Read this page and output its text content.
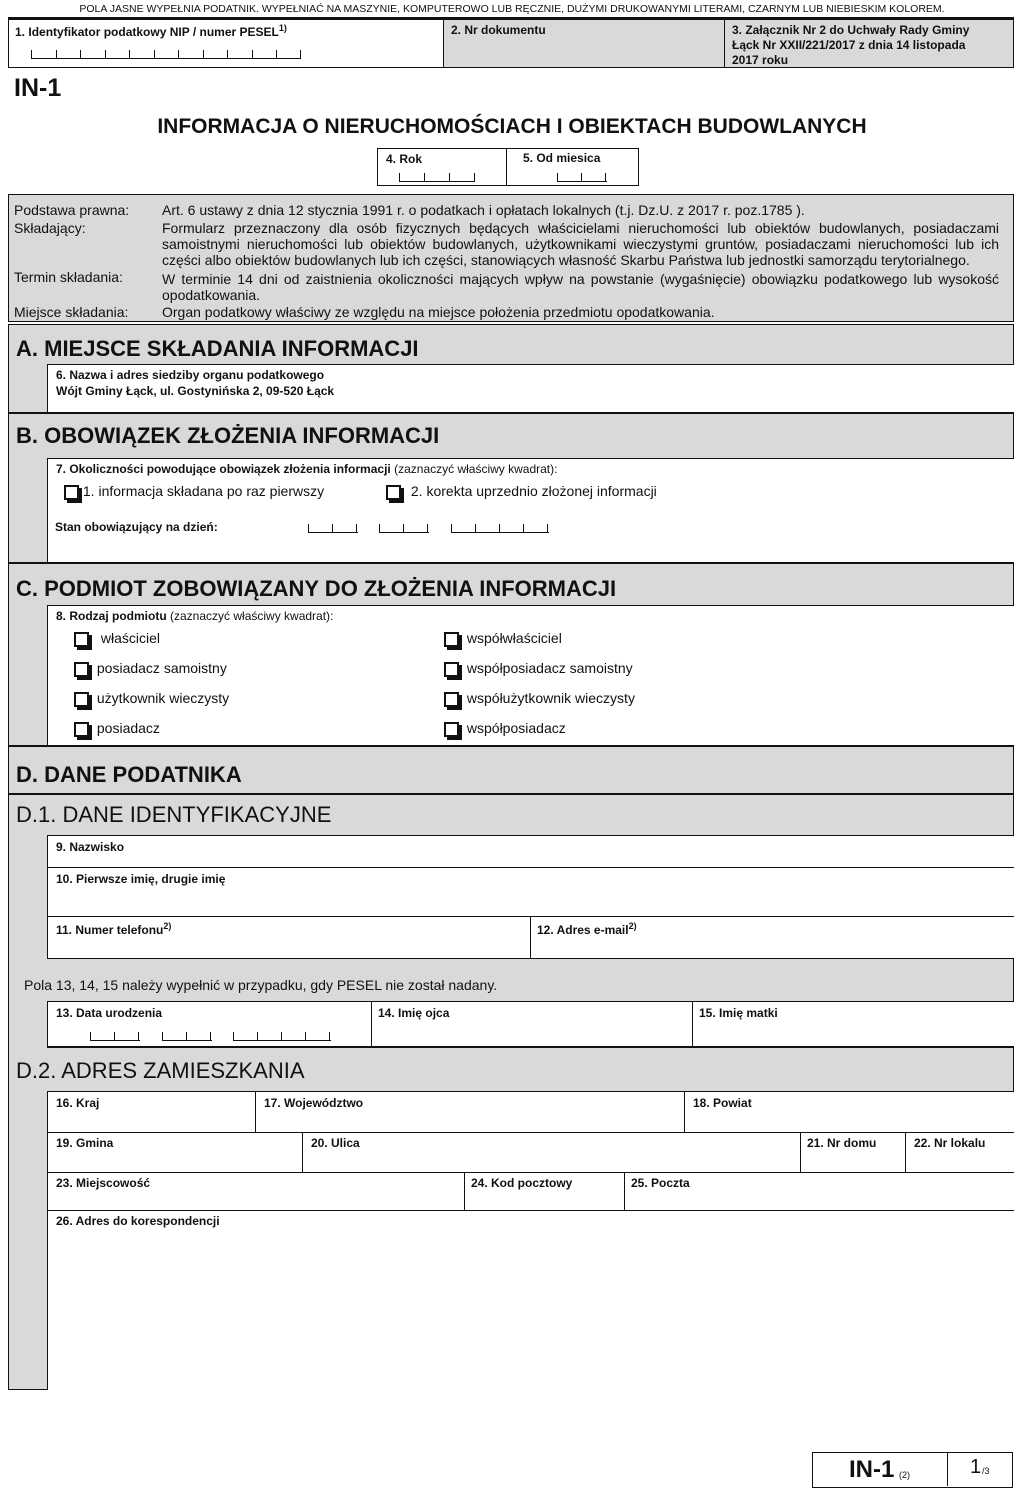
POLA JASNE WYPEŁNIA PODATNIK. WYPEŁNIAĆ NA MASZYNIE, KOMPUTEROWO LUB RĘCZNIE, DUŻYMI DRUKOWANYMI LITERAMI, CZARNYM LUB NIEBIESKIM KOLOREM.
1. Identyfikator podatkowy NIP / numer PESEL$^{1)}$	2. Nr dokumentu	3. Załącznik Nr 2 do Uchwały Rady Gminy Łąck Nr XXII/221/2017 z dnia 14 listopada 2017 roku
IN-1
INFORMACJA O NIERUCHOMOŚCIACH I OBIEKTACH BUDOWLANYCH
4. Rok	5. Od miesica
Podstawa prawna: Art. 6 ustawy z dnia 12 stycznia 1991 r. o podatkach i opłatach lokalnych (t.j. Dz.U. z 2017 r. poz.1785 ).
Składający:	Formularz przeznaczony dla osób fizycznych będących właścicielami nieruchomości lub obiektów budowlanych, posiadaczami samoistnymi nieruchomości lub obiektów budowlanych, użytkownikami wieczystymi gruntów, posiadaczami nieruchomości lub ich części albo obiektów budowlanych lub ich części, stanowiących własność Skarbu Państwa lub jednostki samorządu terytorialnego.
Termin składania:	W terminie 14 dni od zaistnienia okoliczności mających wpływ na powstanie (wygaśnięcie) obowiązku podatkowego lub wysokość opodatkowania.
Miejsce składania: Organ podatkowy właściwy ze względu na miejsce położenia przedmiotu opodatkowania.
A. MIEJSCE SKŁADANIA INFORMACJI
6. Nazwa i adres siedziby organu podatkowego
Wójt Gminy Łąck, ul. Gostynińska 2, 09-520 Łąck
B. OBOWIĄZEK ZŁOŻENIA INFORMACJI
7. Okoliczności powodujące obowiązek złożenia informacji (zaznaczyć właściwy kwadrat):
1. informacja składana po raz pierwszy	2. korekta uprzednio złożonej informacji
Stan obowiązujący na dzień:
C. PODMIOT ZOBOWIĄZANY DO ZŁOŻENIA INFORMACJI
8. Rodzaj podmiotu (zaznaczyć właściwy kwadrat):
właściciel
posiadacz samoistny
użytkownik wieczysty
posiadacz
współwłaściciel
współposiadacz samoistny
współużytkownik wieczysty
współposiadacz
D. DANE PODATNIKA
D.1. DANE IDENTYFIKACYJNE
9. Nazwisko
10. Pierwsze imię, drugie imię
11. Numer telefonu$^{2)}$	12. Adres e-mail$^{2)}$
Pola 13, 14, 15 należy wypełnić w przypadku, gdy PESEL nie został nadany.
13. Data urodzenia	14. Imię ojca	15. Imię matki
D.2. ADRES ZAMIESZKANIA
16. Kraj	17. Województwo	18. Powiat
19. Gmina	20. Ulica	21. Nr domu	22. Nr lokalu
23. Miejscowość	24. Kod pocztowy	25. Poczta
26. Adres do korespondencji
IN-1 (2)	1 /3
